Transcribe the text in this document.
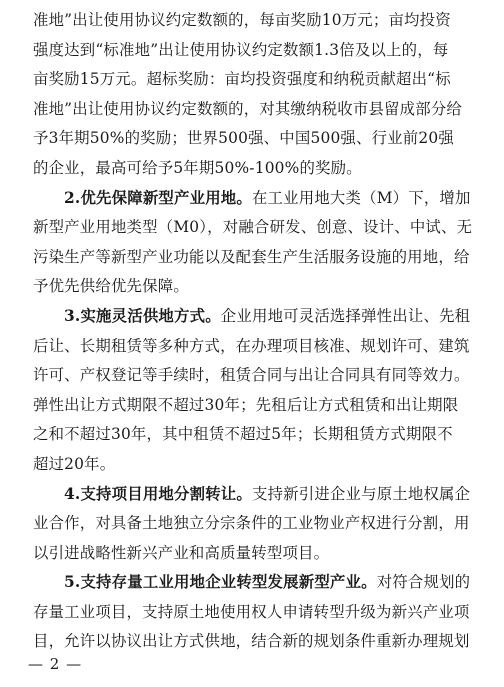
准地”出让使用协议约定数额的，每亩奖励10万元；亩均投资
强度达到“标准地”出让使用协议约定数额1.3倍及以上的，每
亩奖励15万元。超标奖励：亩均投资强度和纳税贡献超出“标
准地”出让使用协议约定数额的，对其缴纳税收市县留成部分给
予3年期50%的奖励；世界500强、中国500强、行业前20强
的企业，最高可给予5年期50%-100%的奖励。
2.优先保障新型产业用地。在工业用地大类（M）下，增加
新型产业用地类型（M0），对融合研发、创意、设计、中试、无
污染生产等新型产业功能以及配套生产生活服务设施的用地，给
予优先供给优先保障。
3.实施灵活供地方式。企业用地可灵活选择弹性出让、先租
后让、长期租赁等多种方式，在办理项目核准、规划许可、建筑
许可、产权登记等手续时，租赁合同与出让合同具有同等效力。
弹性出让方式期限不超过30年；先租后让方式租赁和出让期限
之和不超过30年，其中租赁不超过5年；长期租赁方式期限不
超过20年。
4.支持项目用地分割转让。支持新引进企业与原土地权属企
业合作，对具备土地独立分宗条件的工业物业产权进行分割，用
以引进战略性新兴产业和高质量转型项目。
5.支持存量工业用地企业转型发展新型产业。对符合规划的
存量工业项目，支持原土地使用权人申请转型升级为新兴产业项
目，允许以协议出让方式供地，结合新的规划条件重新办理规划
— 2 —
